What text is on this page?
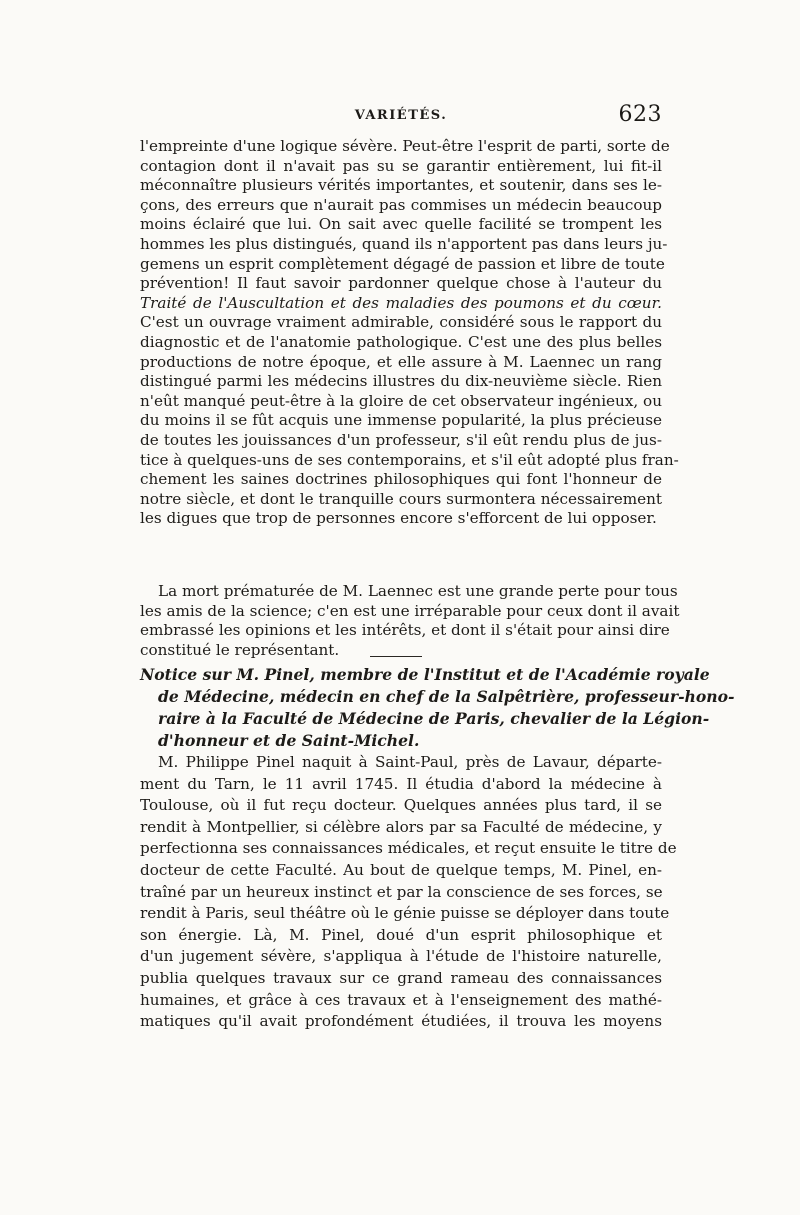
VARIÉTÉS.	623
l'empreinte d'une logique sévère. Peut-être l'esprit de parti, sorte de
contagion dont il n'avait pas su se garantir entièrement, lui fit-il
méconnaître plusieurs vérités importantes, et soutenir, dans ses le-
çons, des erreurs que n'aurait pas commises un médecin beaucoup
moins éclairé que lui. On sait avec quelle facilité se trompent les
hommes les plus distingués, quand ils n'apportent pas dans leurs ju-
gemens un esprit complètement dégagé de passion et libre de toute
prévention! Il faut savoir pardonner quelque chose à l'auteur du
Traité de l'Auscultation et des maladies des poumons et du cœur.
C'est un ouvrage vraiment admirable, considéré sous le rapport du
diagnostic et de l'anatomie pathologique. C'est une des plus belles
productions de notre époque, et elle assure à M. Laennec un rang
distingué parmi les médecins illustres du dix-neuvième siècle. Rien
n'eût manqué peut-être à la gloire de cet observateur ingénieux, ou
du moins il se fût acquis une immense popularité, la plus précieuse
de toutes les jouissances d'un professeur, s'il eût rendu plus de jus-
tice à quelques-uns de ses contemporains, et s'il eût adopté plus fran-
chement les saines doctrines philosophiques qui font l'honneur de
notre siècle, et dont le tranquille cours surmontera nécessairement
les digues que trop de personnes encore s'efforcent de lui opposer.
La mort prématurée de M. Laennec est une grande perte pour tous
les amis de la science; c'en est une irréparable pour ceux dont il avait
embrassé les opinions et les intérêts, et dont il s'était pour ainsi dire
constitué le représentant.
Notice sur M. Pinel, membre de l'Institut et de l'Académie royale
de Médecine, médecin en chef de la Salpêtrière, professeur-hono-
raire à la Faculté de Médecine de Paris, chevalier de la Légion-
d'honneur et de Saint-Michel.
M. Philippe Pinel naquit à Saint-Paul, près de Lavaur, départe-
ment du Tarn, le 11 avril 1745. Il étudia d'abord la médecine à
Toulouse, où il fut reçu docteur. Quelques années plus tard, il se
rendit à Montpellier, si célèbre alors par sa Faculté de médecine, y
perfectionna ses connaissances médicales, et reçut ensuite le titre de
docteur de cette Faculté. Au bout de quelque temps, M. Pinel, en-
traîné par un heureux instinct et par la conscience de ses forces, se
rendit à Paris, seul théâtre où le génie puisse se déployer dans toute
son énergie. Là, M. Pinel, doué d'un esprit philosophique et
d'un jugement sévère, s'appliqua à l'étude de l'histoire naturelle,
publia quelques travaux sur ce grand rameau des connaissances
humaines, et grâce à ces travaux et à l'enseignement des mathé-
matiques qu'il avait profondément étudiées, il trouva les moyens
